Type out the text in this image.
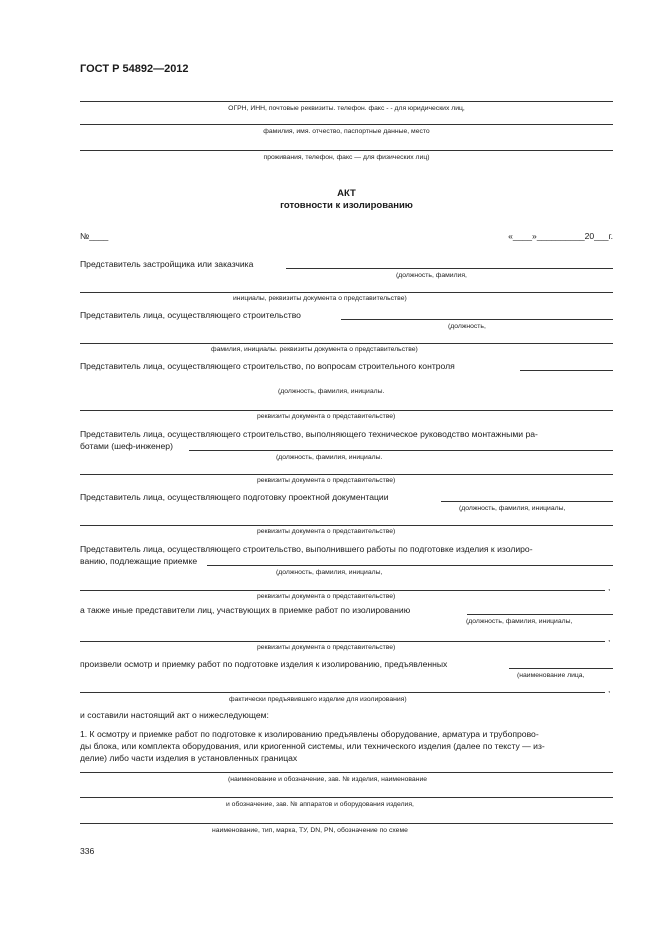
ГОСТ Р 54892—2012
ОГРН, ИНН, почтовые реквизиты. телефон. факс - - для юридических лиц,
фамилия, имя. отчество, паспортные данные, место
проживания, телефон, факс — для физических лиц)
АКТ
готовности к изолированию
№____	«____»__________20___г.
Представитель застройщика или заказчика
(должность, фамилия,
инициалы, реквизиты документа о представительстве)
Представитель лица, осуществляющего строительство
(должность,
фамилия, инициалы. реквизиты документа о представительстве)
Представитель лица, осуществляющего строительство, по вопросам строительного контроля
(должность, фамилия, инициалы.
реквизиты документа о представительстве)
Представитель лица, осуществляющего строительство, выполняющего техническое руководство монтажными ра-
ботами (шеф-инженер)
(должность, фамилия, инициалы.
реквизиты документа о представительстве)
Представитель лица, осуществляющего подготовку проектной документации
(должность, фамилия, инициалы,
реквизиты документа о представительстве)
Представитель лица, осуществляющего строительство, выполнившего работы по подготовке изделия к изолиро-
ванию, подлежащие приемке
(должность, фамилия, инициалы,
,
реквизиты документа о представительстве)
а также иные представители лиц, участвующих в приемке работ по изолированию
(должность, фамилия, инициалы,
,
реквизиты документа о представительстве)
произвели осмотр и приемку работ по подготовке изделия к изолированию, предъявленных
(наименование лица,
,
фактически предъявившего изделие для изолирования)
и составили настоящий акт о нижеследующем:
1. К осмотру и приемке работ по подготовке к изолированию предъявлены оборудование, арматура и трубопрово-
ды блока, или комплекта оборудования, или криогенной системы, или технического изделия (далее по тексту — из-
делие) либо части изделия в установленных границах
(наименование и обозначение, зав. № изделия, наименование
и обозначение, зав. № аппаратов и оборудования изделия,
наименование, тип, марка, ТУ, DN, PN, обозначение по схеме
336
